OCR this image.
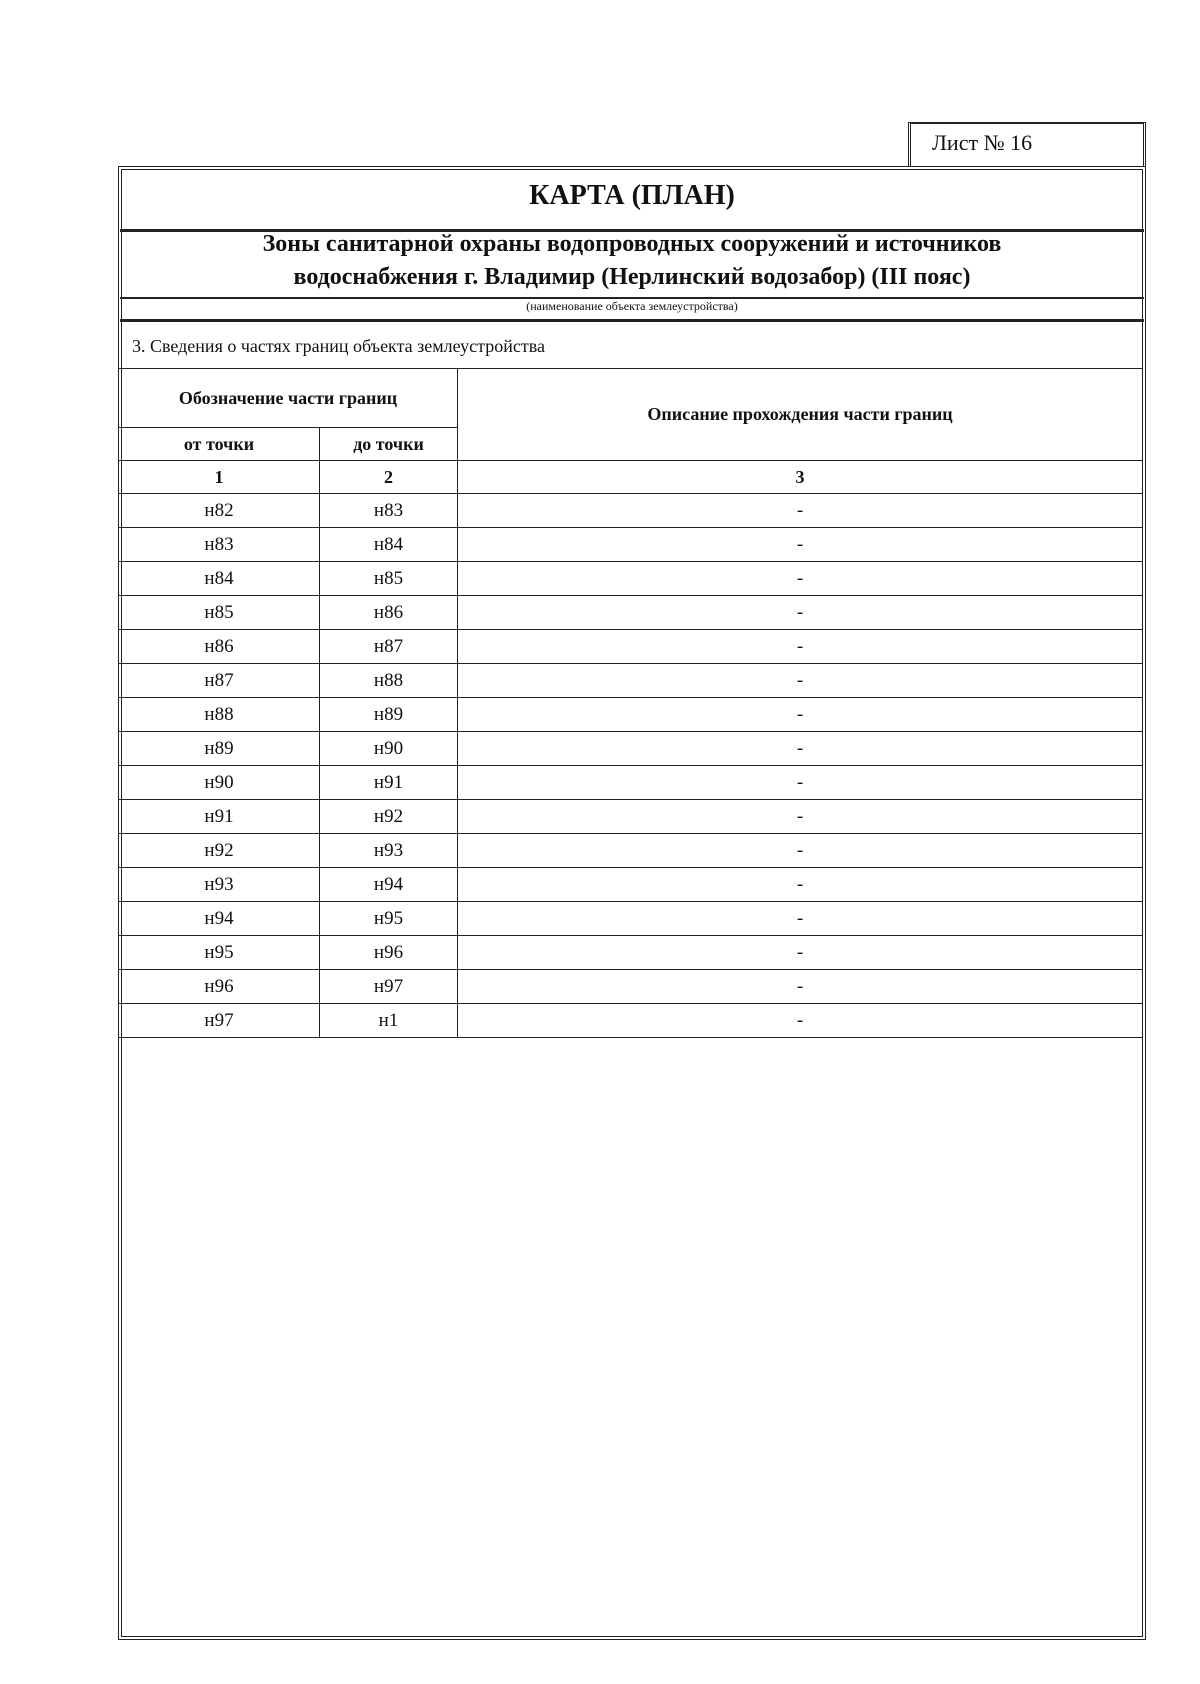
Лист № 16
КАРТА (ПЛАН)
Зоны санитарной охраны водопроводных сооружений и источников
водоснабжения г. Владимир (Нерлинский водозабор) (III пояс)
(наименование объекта землеустройства)
3. Сведения о частях границ объекта землеустройства
Обозначение части границ		Описание прохождения части границ
от точки	до точки	
1	2	3
н82	н83	-
н83	н84	-
н84	н85	-
н85	н86	-
н86	н87	-
н87	н88	-
н88	н89	-
н89	н90	-
н90	н91	-
н91	н92	-
н92	н93	-
н93	н94	-
н94	н95	-
н95	н96	-
н96	н97	-
н97	н1	-
